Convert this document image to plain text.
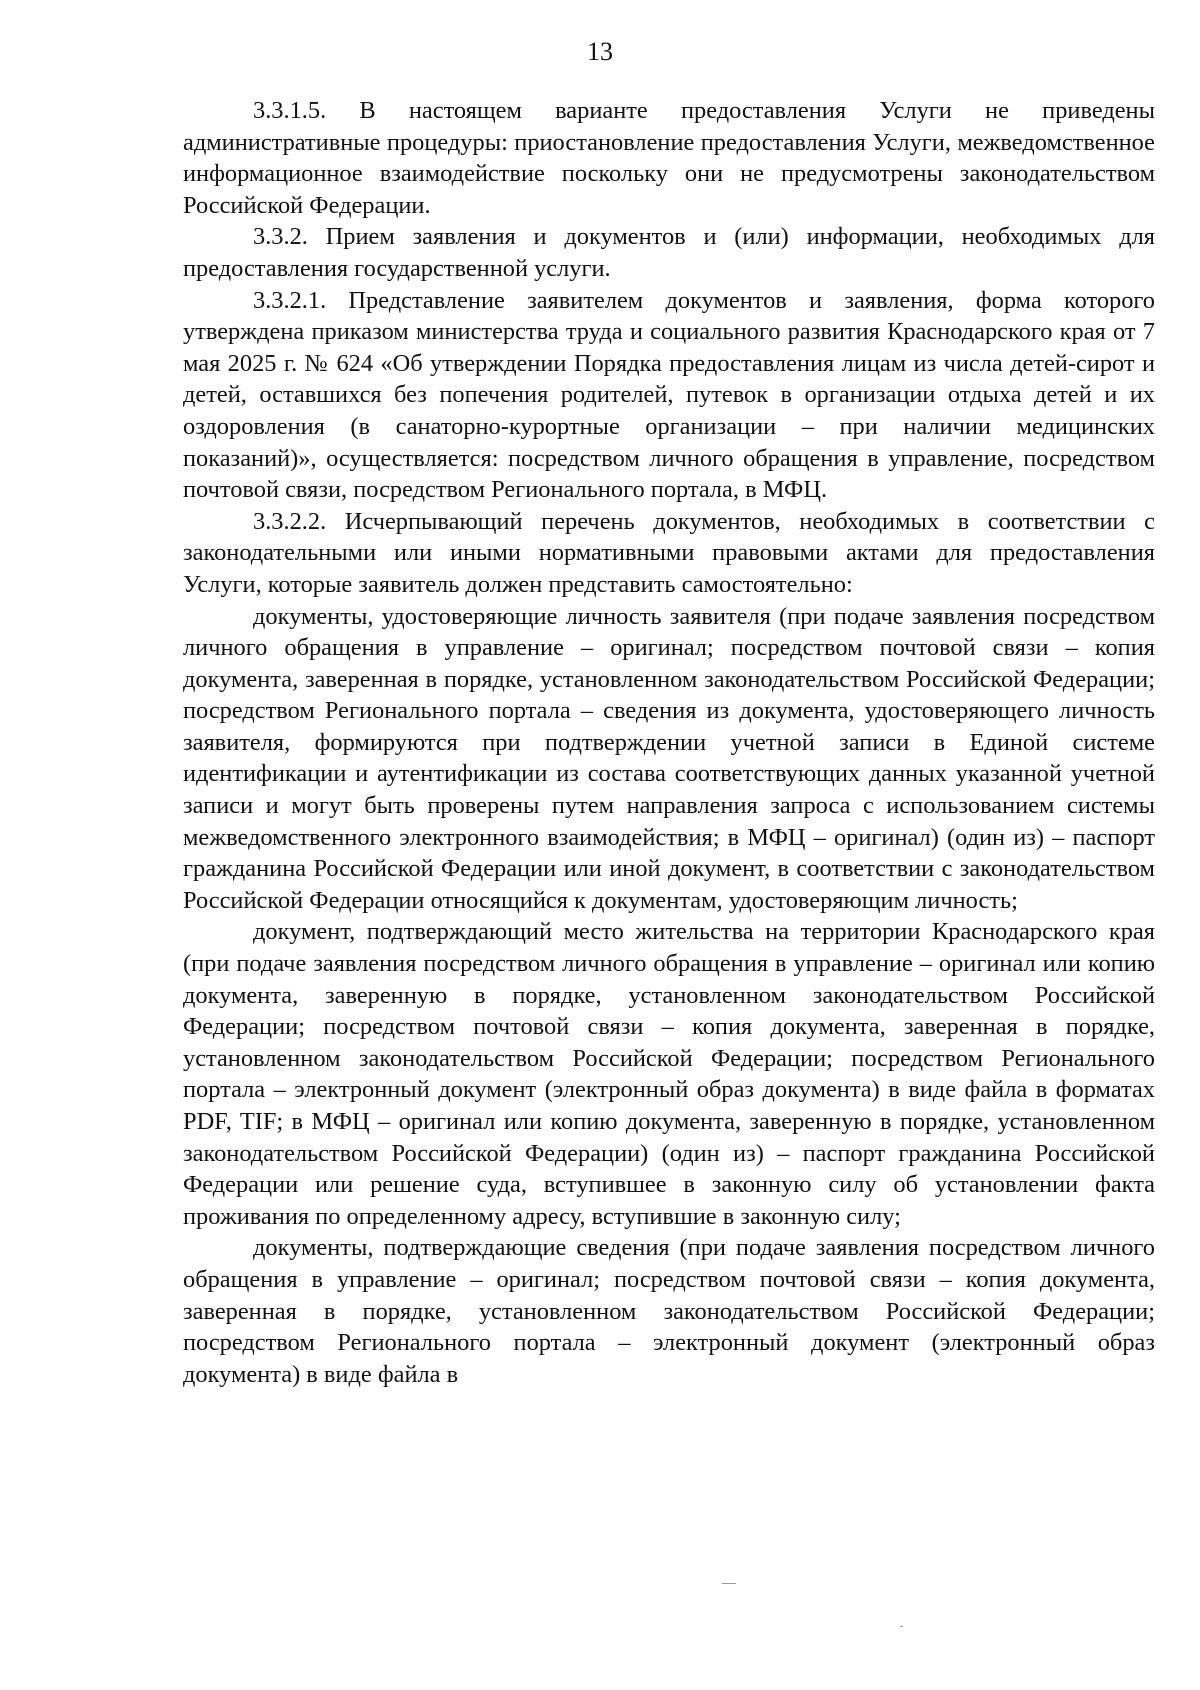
13

3.3.1.5. В настоящем варианте предоставления Услуги не приведены административные процедуры: приостановление предоставления Услуги, межведомственное информационное взаимодействие поскольку они не предусмотрены законодательством Российской Федерации.

3.3.2. Прием заявления и документов и (или) информации, необходимых для предоставления государственной услуги.

3.3.2.1. Представление заявителем документов и заявления, форма которого утверждена приказом министерства труда и социального развития Краснодарского края от 7 мая 2025 г. № 624 «Об утверждении Порядка предоставления лицам из числа детей-сирот и детей, оставшихся без попечения родителей, путевок в организации отдыха детей и их оздоровления (в санаторно-курортные организации – при наличии медицинских показаний)», осуществляется: посредством личного обращения в управление, посредством почтовой связи, посредством Регионального портала, в МФЦ.

3.3.2.2. Исчерпывающий перечень документов, необходимых в соответствии с законодательными или иными нормативными правовыми актами для предоставления Услуги, которые заявитель должен представить самостоятельно:

документы, удостоверяющие личность заявителя (при подаче заявления посредством личного обращения в управление – оригинал; посредством почтовой связи – копия документа, заверенная в порядке, установленном законодательством Российской Федерации; посредством Регионального портала – сведения из документа, удостоверяющего личность заявителя, формируются при подтверждении учетной записи в Единой системе идентификации и аутентификации из состава соответствующих данных указанной учетной записи и могут быть проверены путем направления запроса с использованием системы межведомственного электронного взаимодействия; в МФЦ – оригинал) (один из) – паспорт гражданина Российской Федерации или иной документ, в соответствии с законодательством Российской Федерации относящийся к документам, удостоверяющим личность;

документ, подтверждающий место жительства на территории Краснодарского края (при подаче заявления посредством личного обращения в управление – оригинал или копию документа, заверенную в порядке, установленном законодательством Российской Федерации; посредством почтовой связи – копия документа, заверенная в порядке, установленном законодательством Российской Федерации; посредством Регионального портала – электронный документ (электронный образ документа) в виде файла в форматах PDF, TIF; в МФЦ – оригинал или копию документа, заверенную в порядке, установленном законодательством Российской Федерации) (один из) – паспорт гражданина Российской Федерации или решение суда, вступившее в законную силу об установлении факта проживания по определенному адресу, вступившие в законную силу;

документы, подтверждающие сведения (при подаче заявления посредством личного обращения в управление – оригинал; посредством почтовой связи – копия документа, заверенная в порядке, установленном законодательством Российской Федерации; посредством Регионального портала – электронный документ (электронный образ документа) в виде файла в
